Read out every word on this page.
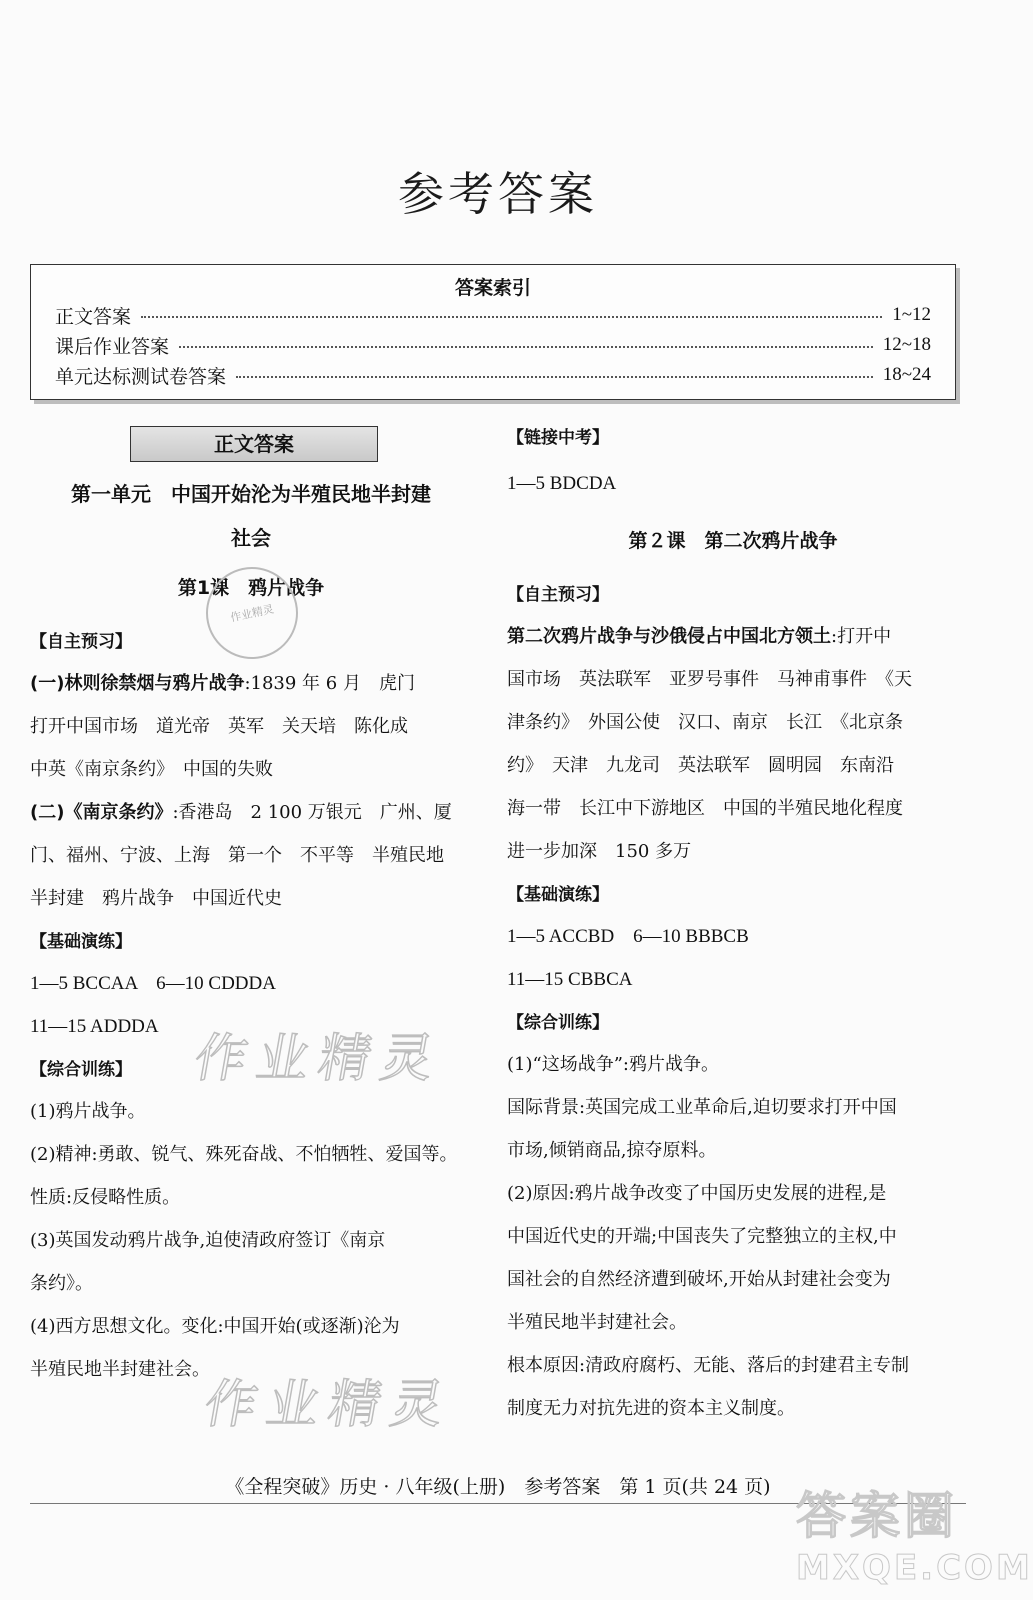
参考答案
答案索引
正文答案	1~12
课后作业答案	12~18
单元达标测试卷答案	18~24
正文答案
第一单元　中国开始沦为半殖民地半封建
社会
第1课　鸦片战争
【自主预习】
(一)林则徐禁烟与鸦片战争:1839 年 6 月　虎门
打开中国市场　道光帝　英军　关天培　陈化成
中英《南京条约》　中国的失败
(二)《南京条约》:香港岛　2 100 万银元　广州、厦
门、福州、宁波、上海　第一个　不平等　半殖民地
半封建　鸦片战争　中国近代史
【基础演练】
1—5 BCCAA　6—10 CDDDA
11—15 ADDDA
【综合训练】
(1)鸦片战争。
(2)精神:勇敢、锐气、殊死奋战、不怕牺牲、爱国等。
性质:反侵略性质。
(3)英国发动鸦片战争,迫使清政府签订《南京
条约》。
(4)西方思想文化。变化:中国开始(或逐渐)沦为
半殖民地半封建社会。
【链接中考】
1—5 BDCDA
第２课　第二次鸦片战争
【自主预习】
第二次鸦片战争与沙俄侵占中国北方领土:打开中
国市场　英法联军　亚罗号事件　马神甫事件　《天
津条约》　外国公使　汉口、南京　长江　《北京条
约》　天津　九龙司　英法联军　圆明园　东南沿
海一带　长江中下游地区　中国的半殖民地化程度
进一步加深　150 多万
【基础演练】
1—5 ACCBD　6—10 BBBCB
11—15 CBBCA
【综合训练】
(1)“这场战争”:鸦片战争。
国际背景:英国完成工业革命后,迫切要求打开中国
市场,倾销商品,掠夺原料。
(2)原因:鸦片战争改变了中国历史发展的进程,是
中国近代史的开端;中国丧失了完整独立的主权,中
国社会的自然经济遭到破坏,开始从封建社会变为
半殖民地半封建社会。
根本原因:清政府腐朽、无能、落后的封建君主专制
制度无力对抗先进的资本主义制度。
作业精灵
作业精灵
作业精灵
《全程突破》历史 · 八年级(上册)　参考答案　第 1 页(共 24 页) 答案圈
MXQE.COM
